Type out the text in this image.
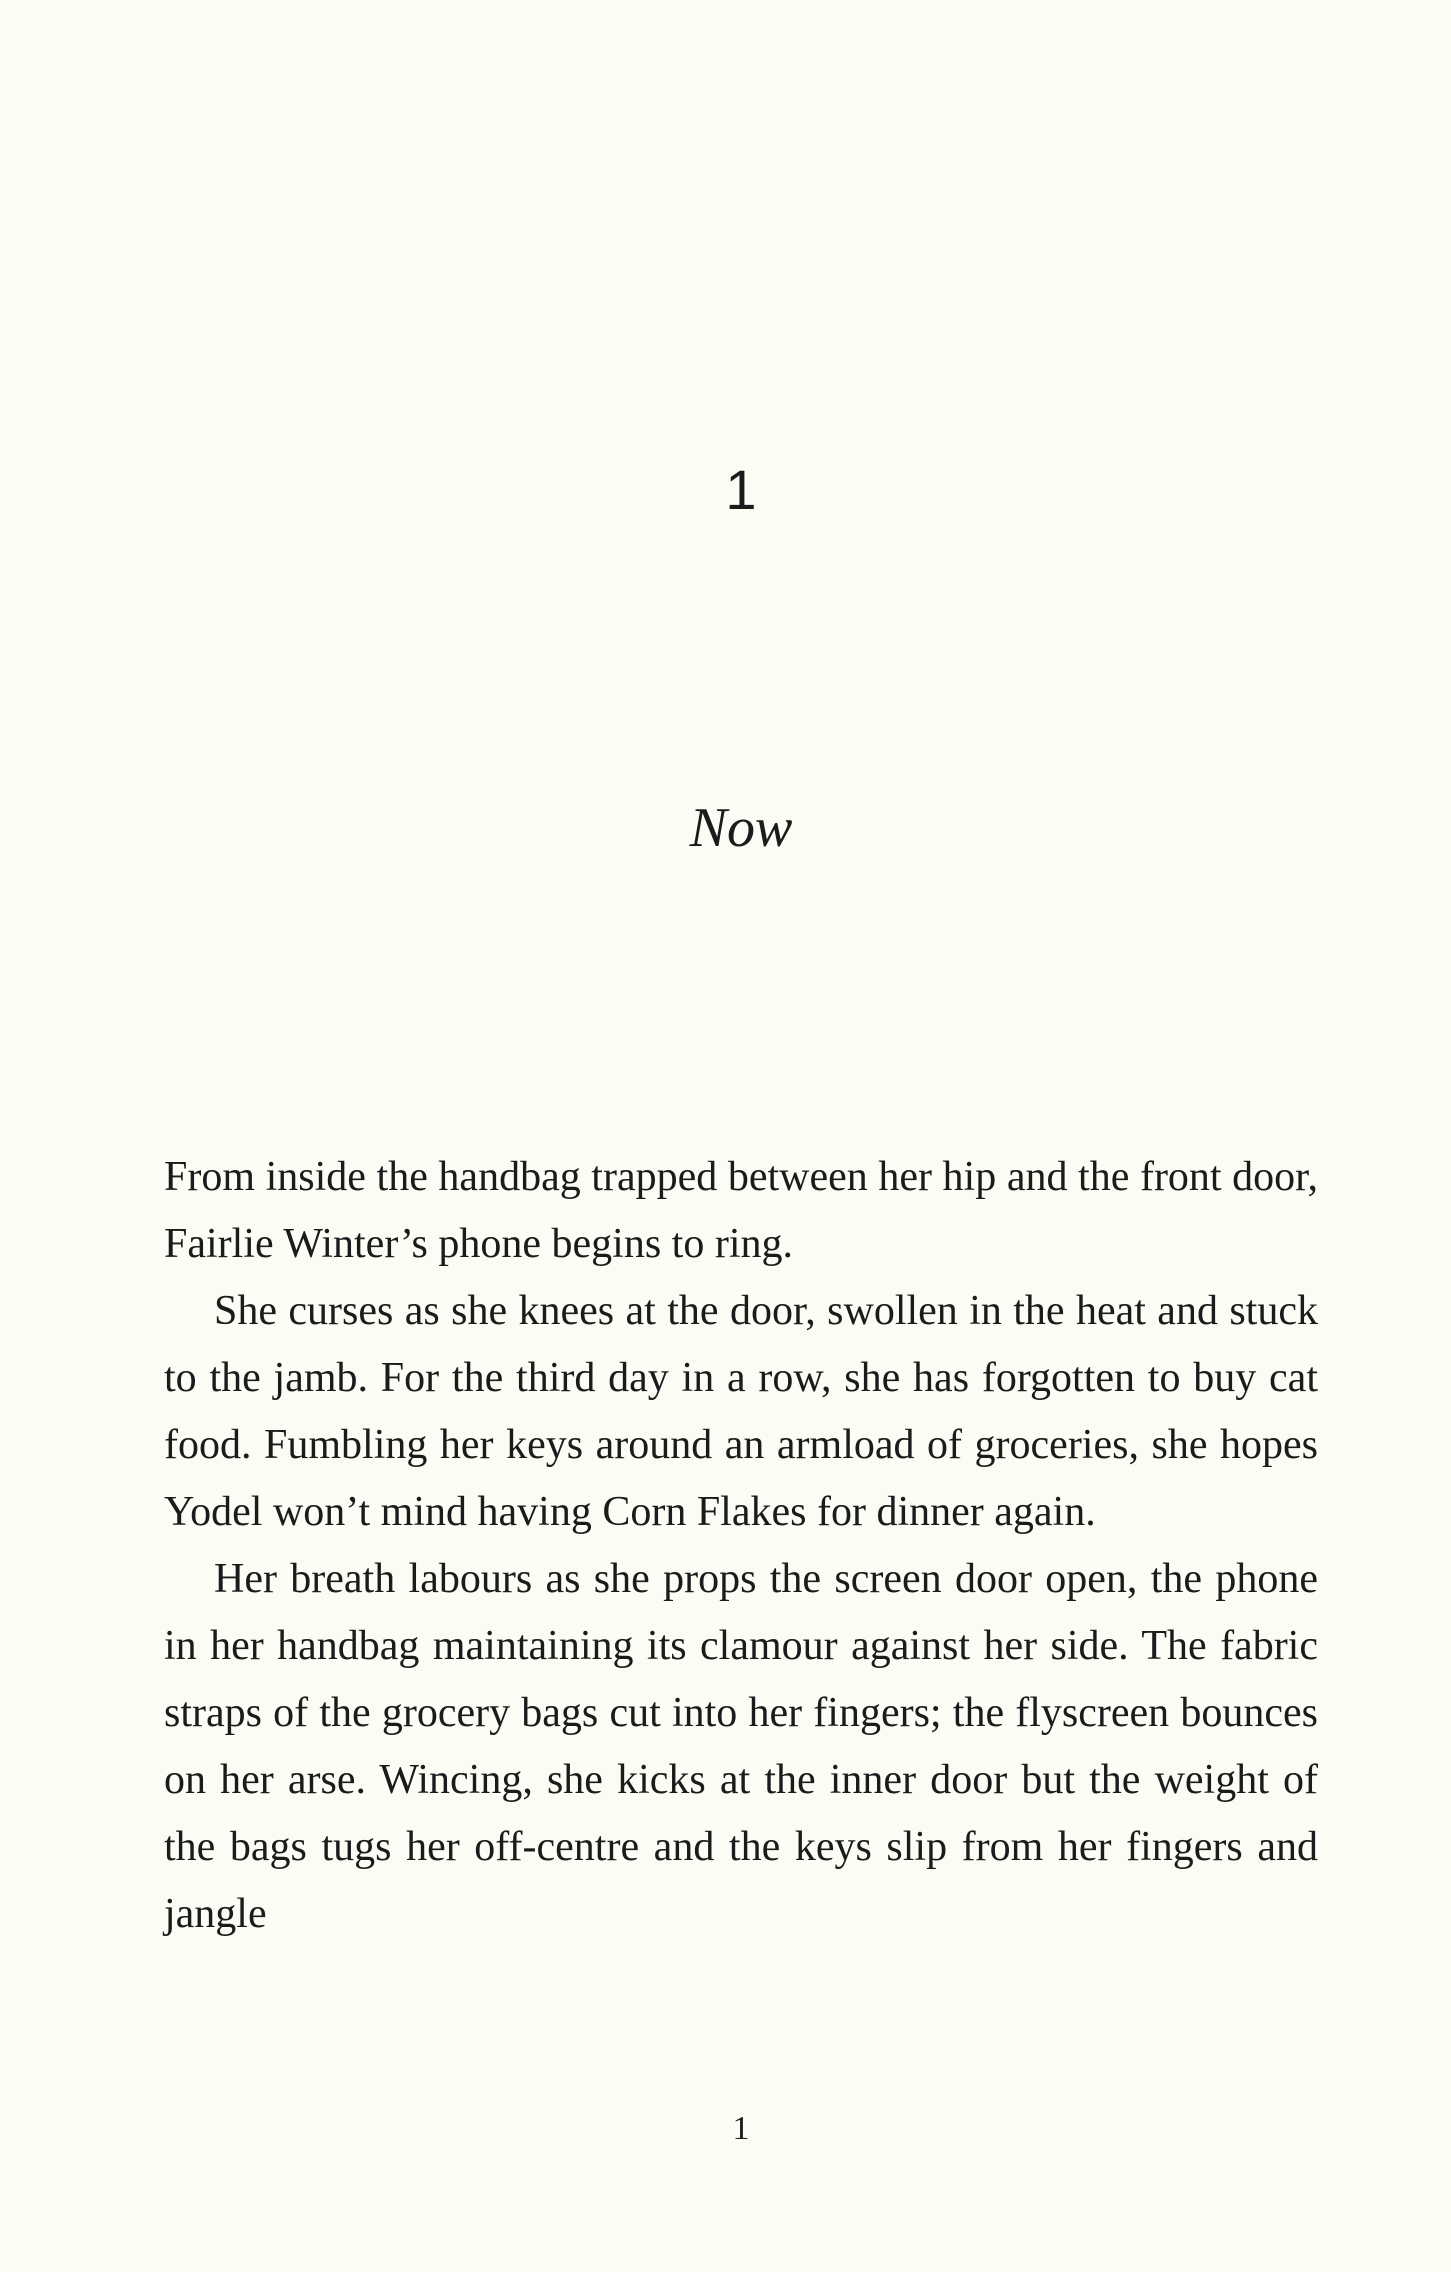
1
Now

From inside the handbag trapped between her hip and the front door, Fairlie Winter’s phone begins to ring.

She curses as she knees at the door, swollen in the heat and stuck to the jamb. For the third day in a row, she has forgotten to buy cat food. Fumbling her keys around an armload of groceries, she hopes Yodel won’t mind having Corn Flakes for dinner again.

Her breath labours as she props the screen door open, the phone in her handbag maintaining its clamour against her side. The fabric straps of the grocery bags cut into her fingers; the flyscreen bounces on her arse. Wincing, she kicks at the inner door but the weight of the bags tugs her off-centre and the keys slip from her fingers and jangle

1
